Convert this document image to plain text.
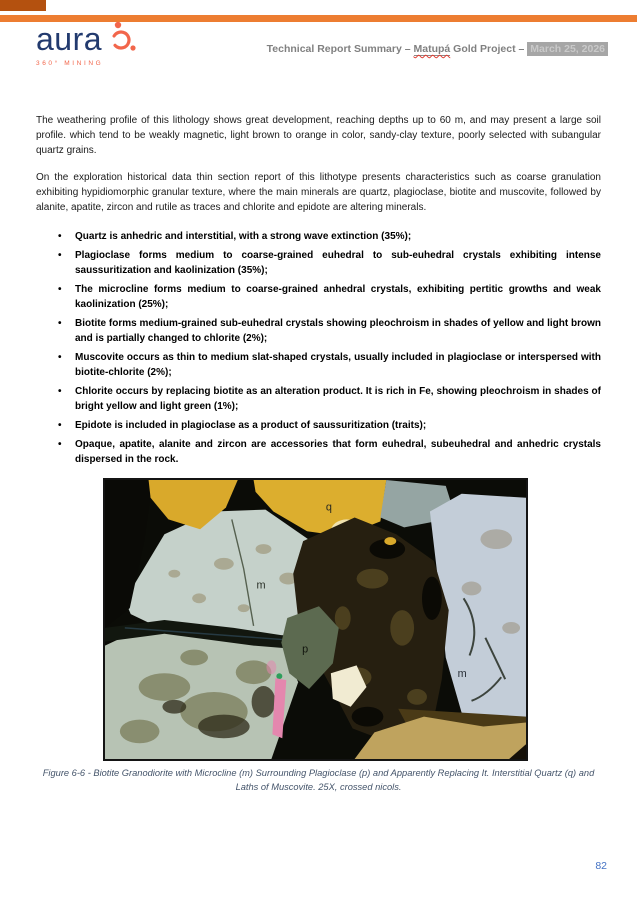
aura
360° MINING
Technical Report Summary – Matupá Gold Project – March 25, 2026

The weathering profile of this lithology shows great development, reaching depths up to 60 m, and may present a large soil profile. which tend to be weakly magnetic, light brown to orange in color, sandy-clay texture, poorly selected with subangular quartz grains.

On the exploration historical data thin section report of this lithotype presents characteristics such as coarse granulation exhibiting hypidiomorphic granular texture, where the main minerals are quartz, plagioclase, biotite and muscovite, followed by alanite, apatite, zircon and rutile as traces and chlorite and epidote are altering minerals.

• Quartz is anhedric and interstitial, with a strong wave extinction (35%);
• Plagioclase forms medium to coarse-grained euhedral to sub-euhedral crystals exhibiting intense saussuritization and kaolinization (35%);
• The microcline forms medium to coarse-grained anhedral crystals, exhibiting pertitic growths and weak kaolinization (25%);
• Biotite forms medium-grained sub-euhedral crystals showing pleochroism in shades of yellow and light brown and is partially changed to chlorite (2%);
• Muscovite occurs as thin to medium slat-shaped crystals, usually included in plagioclase or interspersed with biotite-chlorite (2%);
• Chlorite occurs by replacing biotite as an alteration product. It is rich in Fe, showing pleochroism in shades of bright yellow and light green (1%);
• Epidote is included in plagioclase as a product of saussuritization (traits);
• Opaque, apatite, alanite and zircon are accessories that form euhedral, subeuhedral and anhedric crystals dispersed in the rock.
q
m
p
m
Figure 6-6 - Biotite Granodiorite with Microcline (m) Surrounding Plagioclase (p) and Apparently Replacing It. Interstitial Quartz (q) and Laths of Muscovite. 25X, crossed nicols.
82
